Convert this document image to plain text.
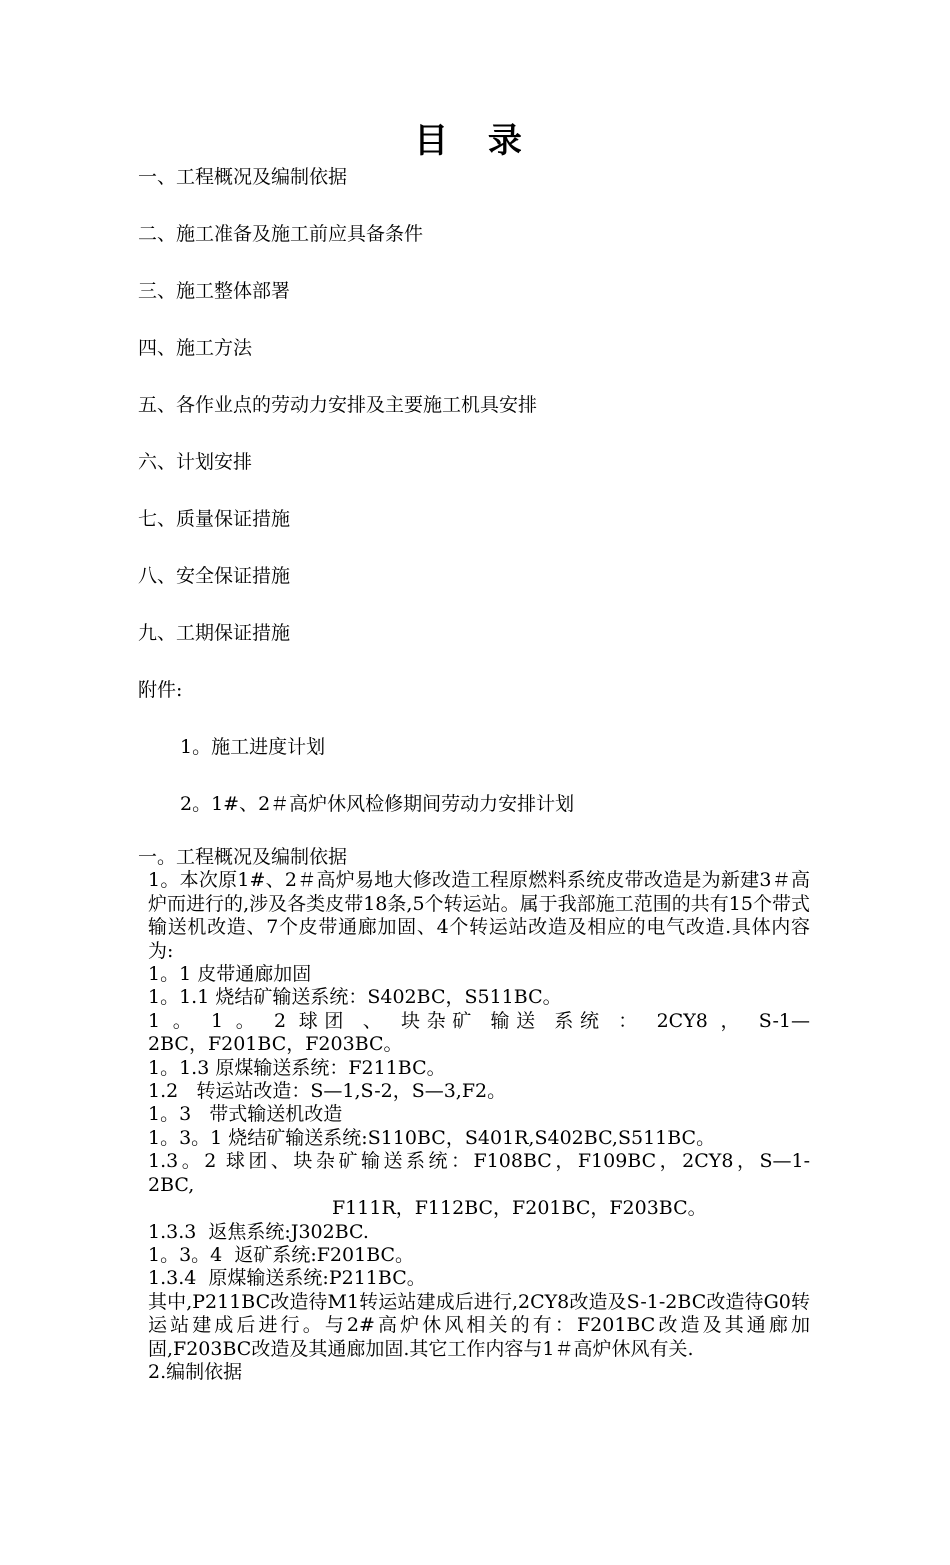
目 录
一、工程概况及编制依据
二、施工准备及施工前应具备条件
三、施工整体部署
四、施工方法
五、各作业点的劳动力安排及主要施工机具安排
六、计划安排
七、质量保证措施
八、安全保证措施
九、工期保证措施
附件:
1。施工进度计划
2。1#、2＃高炉休风检修期间劳动力安排计划
一。工程概况及编制依据
1。本次原1#、2＃高炉易地大修改造工程原燃料系统皮带改造是为新建3＃高炉而进行的,涉及各类皮带18条,5个转运站。属于我部施工范围的共有15个带式输送机改造、7个皮带通廊加固、4个转运站改造及相应的电气改造.具体内容为:
1。1 皮带通廊加固
1。1.1 烧结矿输送系统：S402BC，S511BC。
1 。 1 。 2 球团 、 块杂矿 输送 系统 ： 2CY8 ， S-1—
2BC，F201BC，F203BC。
1。1.3 原煤输送系统：F211BC。
1.2   转运站改造：S—1,S-2，S—3,F2。
1。3   带式输送机改造
1。3。1 烧结矿输送系统:S110BC，S401R,S402BC,S511BC。
1.3。2 球团、块杂矿输送系统：F108BC，F109BC，2CY8，S—1-
2BC,
F111R，F112BC，F201BC，F203BC。
1.3.3  返焦系统:J302BC.
1。3。4  返矿系统:F201BC。
1.3.4  原煤输送系统:P211BC。
其中,P211BC改造待M1转运站建成后进行,2CY8改造及S-1-2BC改造待G0转运站建成后进行。与2#高炉休风相关的有：F201BC改造及其通廊加固,F203BC改造及其通廊加固.其它工作内容与1＃高炉休风有关.
2.编制依据
